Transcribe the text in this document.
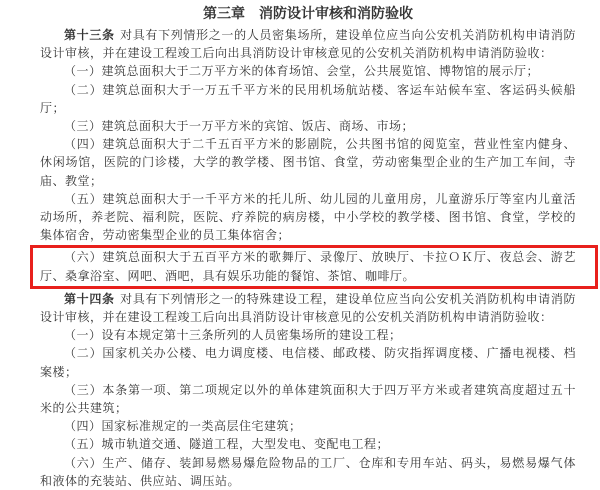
第三章　消防设计审核和消防验收

第十三条 对具有下列情形之一的人员密集场所，建设单位应当向公安机关消防机构申请消防设计审核，并在建设工程竣工后向出具消防设计审核意见的公安机关消防机构申请消防验收：

（一）建筑总面积大于二万平方米的体育场馆、会堂，公共展览馆、博物馆的展示厅；

（二）建筑总面积大于一万五千平方米的民用机场航站楼、客运车站候车室、客运码头候船厅；

（三）建筑总面积大于一万平方米的宾馆、饭店、商场、市场；

（四）建筑总面积大于二千五百平方米的影剧院，公共图书馆的阅览室，营业性室内健身、休闲场馆，医院的门诊楼，大学的教学楼、图书馆、食堂，劳动密集型企业的生产加工车间，寺庙、教堂；

（五）建筑总面积大于一千平方米的托儿所、幼儿园的儿童用房，儿童游乐厅等室内儿童活动场所，养老院、福利院，医院、疗养院的病房楼，中小学校的教学楼、图书馆、食堂，学校的集体宿舍，劳动密集型企业的员工集体宿舍；

（六）建筑总面积大于五百平方米的歌舞厅、录像厅、放映厅、卡拉ＯＫ厅、夜总会、游艺厅、桑拿浴室、网吧、酒吧，具有娱乐功能的餐馆、茶馆、咖啡厅。

第十四条 对具有下列情形之一的特殊建设工程，建设单位应当向公安机关消防机构申请消防设计审核，并在建设工程竣工后向出具消防设计审核意见的公安机关消防机构申请消防验收：

（一）设有本规定第十三条所列的人员密集场所的建设工程；

（二）国家机关办公楼、电力调度楼、电信楼、邮政楼、防灾指挥调度楼、广播电视楼、档案楼；

（三）本条第一项、第二项规定以外的单体建筑面积大于四万平方米或者建筑高度超过五十米的公共建筑；

（四）国家标准规定的一类高层住宅建筑；

（五）城市轨道交通、隧道工程，大型发电、变配电工程；

（六）生产、储存、装卸易燃易爆危险物品的工厂、仓库和专用车站、码头，易燃易爆气体和液体的充装站、供应站、调压站。
